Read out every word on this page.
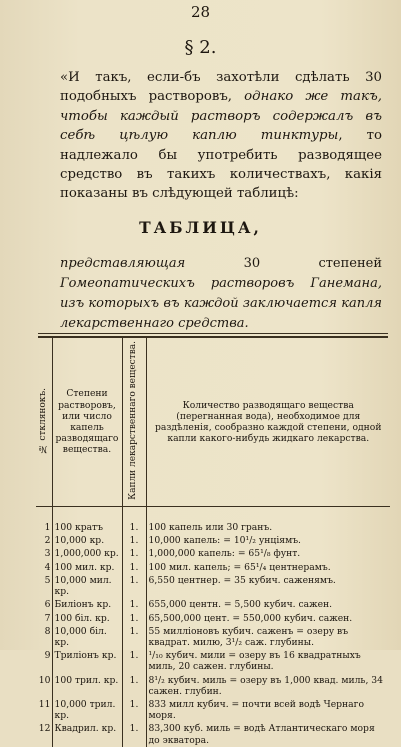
28
§ 2.
«И такъ, если-бъ захотѣли сдѣлать 30 подобныхъ растворовъ, однако же такъ, чтобы каждый растворъ содержалъ въ себѣ цѣлую каплю тинктуры, то надлежало бы употребить разводящее средство въ такихъ количествахъ, какія показаны въ слѣдующей таблицѣ:
ТАБЛИЦА,
представляющая 30 степеней Гомеопатическихъ растворовъ Ганемана, изъ которыхъ въ каждой заключается капля лекарственнаго средства.
№ стклянокъ.	Степени растворовъ, или число капель разводящаго вещества.	Капли лекарственнаго вещества.	Количество разводящаго вещества (перегнанная вода), необходимое для раздѣленія, сообразно каждой степени, одной капли какого-нибудь жидкаго лекарства.

1	100 кратъ	1.	100 капель или 30 гранъ.
2	10,000 кр.	1.	10,000 капель: = 10¹/₂ унціямъ.
3	1,000,000 кр.	1.	1,000,000 капель: = 65¹/₈ фунт.
4	100 мил. кр.	1.	100 мил. капель; = 65¹/₄ центнерамъ.
5	10,000 мил. кр.	1.	6,550 центнер. = 35 кубич. саженямъ.
6	Биліонъ кр.	1.	655,000 центн. = 5,500 кубич. сажен.
7	100 біл. кр.	1.	65,500,000 цент. = 550,000 кубич. сажен.
8	10,000 біл. кр.	1.	55 милліоновъ кубич. саженъ = озеру въ квадрат. милю, 3¹/₂ саж. глубины.
9	Триліонъ кр.	1.	¹/₁₀ кубич. мили = озеру въ 16 квадратныхъ миль, 20 сажен. глубины.
10	100 трил. кр.	1.	8¹/₂ кубич. миль = озеру въ 1,000 квад. миль, 34 сажен. глубин.
11	10,000 трил. кр.	1.	833 милл кубич. = почти всей водѣ Чернаго моря.
12	Квадрил. кр.	1.	83,300 куб. миль = водѣ Атлантическаго моря до экватора.
